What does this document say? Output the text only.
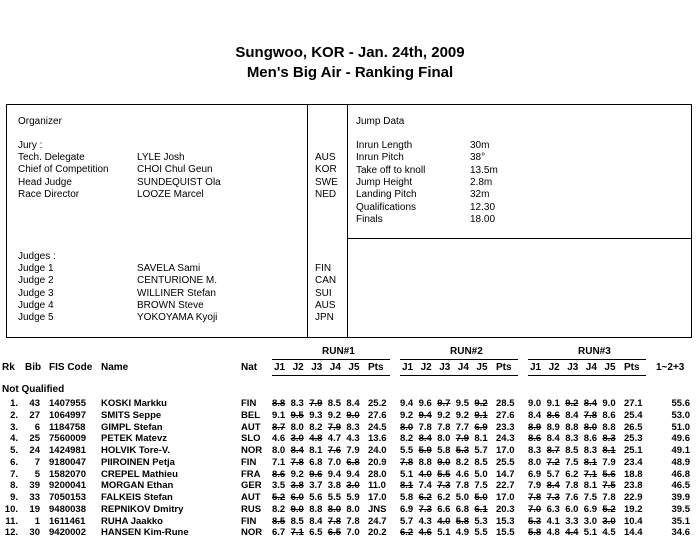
Sungwoo, KOR - Jan. 24th, 2009
Men's Big Air - Ranking Final
Organizer
Jury :
Tech. Delegate	LYLE Josh	AUS
Chief of Competition	CHOI Chul Geun	KOR
Head Judge	SUNDEQUIST Ola	SWE
Race Director	LOOZE Marcel	NED
Judges :
Judge 1	SAVELA Sami	FIN
Judge 2	CENTURIONE M.	CAN
Judge 3	WILLINER Stefan	SUI
Judge 4	BROWN Steve	AUS
Judge 5	YOKOYAMA Kyoji	JPN
Jump Data
Inrun Length	30m
Inrun Pitch	38°
Take off to knoll	13.5m
Jump Height	2.8m
Landing Pitch	32m
Qualifications	12.30
Finals	18.00
RUN#1	RUN#2	RUN#3
Rk Bib FIS Code Name	Nat J1 J2 J3 J4 J5 Pts J1 J2 J3 J4 J5 Pts J1 J2 J3 J4 J5 Pts 1~2+3
Not Qualified
1.	43 1407955 KOSKI Markku	FIN 8.8 8.3 7.9 8.5 8.4 25.2 9.4 9.6 9.7 9.5 9.2 28.5 9.0 9.1 9.2 8.4 9.0 27.1	55.6
2.	27 1064997 SMITS Seppe	BEL 9.1 9.5 9.3 9.2 9.0 27.6 9.2 9.4 9.2 9.2 9.1 27.6 8.4 8.6 8.4 7.8 8.6 25.4	53.0
3.	6 1184758 GIMPL Stefan	AUT 8.7 8.0 8.2 7.9 8.3 24.5 8.0 7.8 7.8 7.7 6.9 23.3 8.9 8.9 8.8 8.0 8.8 26.5	51.0
4.	25 7560009 PETEK Matevz	SLO 4.6 3.0 4.8 4.7 4.3 13.6 8.2 8.4 8.0 7.9 8.1 24.3 8.6 8.4 8.3 8.6 8.3 25.3	49.6
5.	24 1424981 HOLVIK Tore-V.	NOR 8.0 8.4 8.1 7.6 7.9 24.0 5.5 5.9 5.8 5.3 5.7 17.0 8.3 8.7 8.5 8.3 8.1 25.1	49.1
6.	7 9180047 PIIROINEN Petja	FIN 7.1 7.8 6.8 7.0 6.8 20.9 7.8 8.8 9.0 8.2 8.5 25.5 8.0 7.2 7.5 8.1 7.9 23.4	48.9
7.	5 1582070 CREPEL Mathieu	FRA 8.6 9.2 9.6 9.4 9.4 28.0 5.1 4.0 5.5 4.6 5.0 14.7 6.9 5.7 6.2 7.1 5.6 18.8	46.8
8.	39 9200041 MORGAN Ethan	GER 3.5 3.8 3.7 3.8 3.0 11.0 8.1 7.4 7.3 7.8 7.5 22.7 7.9 8.4 7.8 8.1 7.5 23.8	46.5
9.	33 7050153 FALKEIS Stefan	AUT 5.2 6.0 5.6 5.5 5.9 17.0 5.8 6.2 6.2 5.0 5.0 17.0 7.8 7.3 7.6 7.5 7.8 22.9	39.9
10.	19 9480038 REPNIKOV Dmitry	RUS 8.2 9.0 8.8 8.0 8.0 JNS 6.9 7.3 6.6 6.8 6.1 20.3 7.0 6.3 6.0 6.9 5.2 19.2	39.5
11.	1 1611461 RUHA Jaakko	FIN 8.5 8.5 8.4 7.8 7.8 24.7 5.7 4.3 4.0 5.8 5.3 15.3 5.3 4.1 3.3 3.0 3.0 10.4	35.1
12.	30 9420002 HANSEN Kim-Rune	NOR 6.7 7.1 6.5 6.5 7.0 20.2 6.2 4.6 5.1 4.9 5.5 15.5 5.8 4.8 4.4 5.1 4.5 14.4	34.6
